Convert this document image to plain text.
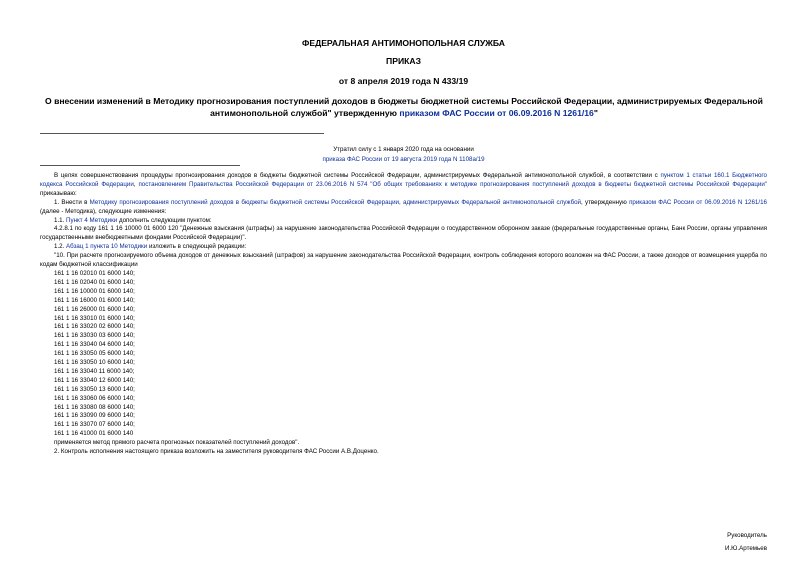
ФЕДЕРАЛЬНАЯ АНТИМОНОПОЛЬНАЯ СЛУЖБА
ПРИКАЗ
от 8 апреля 2019 года N 433/19
О внесении изменений в Методику прогнозирования поступлений доходов в бюджеты бюджетной системы Российской Федерации, администрируемых Федеральной антимонопольной службой" утвержденную приказом ФАС России от 06.09.2016 N 1261/16"
Утратил силу с 1 января 2020 года на основании
приказа ФАС России от 19 августа 2019 года N 1108а/19

В целях совершенствования процедуры прогнозирования доходов в бюджеты бюджетной системы Российской Федерации, администрируемых Федеральной антимонопольной службой, в соответствии с пунктом 1 статьи 160.1 Бюджетного кодекса Российской Федерации, постановлением Правительства Российской Федерации от 23.06.2016 N 574 "Об общих требованиях к методике прогнозирования поступлений доходов в бюджеты бюджетной системы Российской Федерации" приказываю:

1. Внести в Методику прогнозирования поступлений доходов в бюджеты бюджетной системы Российской Федерации, администрируемых Федеральной антимонопольной службой, утвержденную приказом ФАС России от 06.09.2016 N 1261/16 (далее - Методика), следующие изменения:

1.1. Пункт 4 Методики дополнить следующим пунктом:

4.2.8.1 по коду 161 1 16 10000 01 6000 120 "Денежные взыскания (штрафы) за нарушение законодательства Российской Федерации о государственном оборонном заказе (федеральные государственные органы, Банк России, органы управления государственными внебюджетными фондами Российской Федерации)".

1.2. Абзац 1 пункта 10 Методики изложить в следующей редакции:

"10. При расчете прогнозируемого объема доходов от денежных взысканий (штрафов) за нарушение законодательства Российской Федерации, контроль соблюдения которого возложен на ФАС России, а также доходов от возмещения ущерба по кодам бюджетной классификации

161 1 16 02010 01 6000 140;
161 1 16 02040 01 6000 140;
161 1 16 10000 01 6000 140;
161 1 16 16000 01 6000 140;
161 1 16 26000 01 6000 140;
161 1 16 33010 01 6000 140;
161 1 16 33020 02 6000 140;
161 1 16 33030 03 6000 140;
161 1 16 33040 04 6000 140;
161 1 16 33050 05 6000 140;
161 1 16 33050 10 6000 140;
161 1 16 33040 11 6000 140;
161 1 16 33040 12 6000 140;
161 1 16 33050 13 6000 140;
161 1 16 33060 06 6000 140;
161 1 16 33080 08 6000 140;
161 1 16 33090 09 6000 140;
161 1 16 33070 07 6000 140;
161 1 16 41000 01 6000 140

применяется метод прямого расчета прогнозных показателей поступлений доходов".

2. Контроль исполнения настоящего приказа возложить на заместителя руководителя ФАС России А.В.Доценко.

Руководитель
И.Ю.Артемьев
